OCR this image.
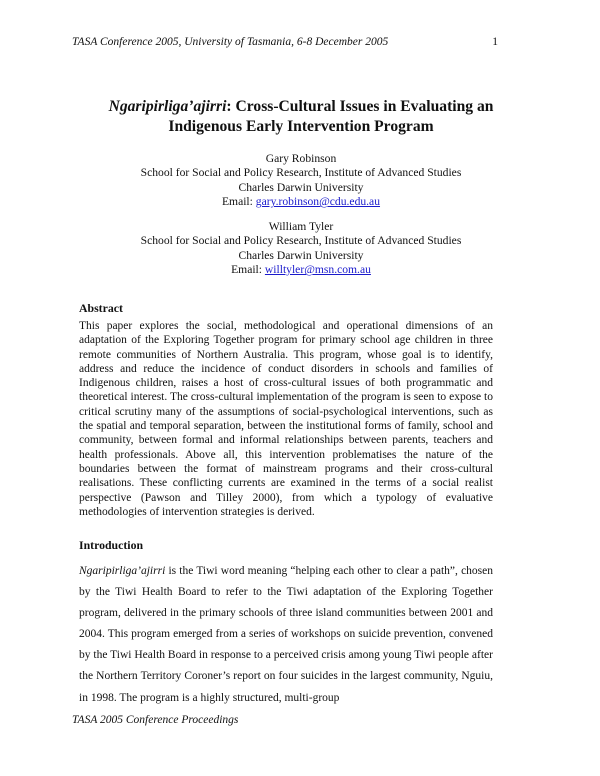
TASA Conference 2005, University of Tasmania, 6-8 December 2005	1
Ngaripirliga’ajirri: Cross-Cultural Issues in Evaluating an Indigenous Early Intervention Program
Gary Robinson
School for Social and Policy Research, Institute of Advanced Studies
Charles Darwin University
Email: gary.robinson@cdu.edu.au
William Tyler
School for Social and Policy Research, Institute of Advanced Studies
Charles Darwin University
Email: willtyler@msn.com.au
Abstract

This paper explores the social, methodological and operational dimensions of an adaptation of the Exploring Together program for primary school age children in three remote communities of Northern Australia. This program, whose goal is to identify, address and reduce the incidence of conduct disorders in schools and families of Indigenous children, raises a host of cross-cultural issues of both programmatic and theoretical interest. The cross-cultural implementation of the program is seen to expose to critical scrutiny many of the assumptions of social-psychological interventions, such as the spatial and temporal separation, between the institutional forms of family, school and community, between formal and informal relationships between parents, teachers and health professionals. Above all, this intervention problematises the nature of the boundaries between the format of mainstream programs and their cross-cultural realisations. These conflicting currents are examined in the terms of a social realist perspective (Pawson and Tilley 2000), from which a typology of evaluative methodologies of intervention strategies is derived.

Introduction

Ngaripirliga’ajirri is the Tiwi word meaning “helping each other to clear a path”, chosen by the Tiwi Health Board to refer to the Tiwi adaptation of the Exploring Together program, delivered in the primary schools of three island communities between 2001 and 2004. This program emerged from a series of workshops on suicide prevention, convened by the Tiwi Health Board in response to a perceived crisis among young Tiwi people after the Northern Territory Coroner’s report on four suicides in the largest community, Nguiu, in 1998. The program is a highly structured, multi-group

TASA 2005 Conference Proceedings
